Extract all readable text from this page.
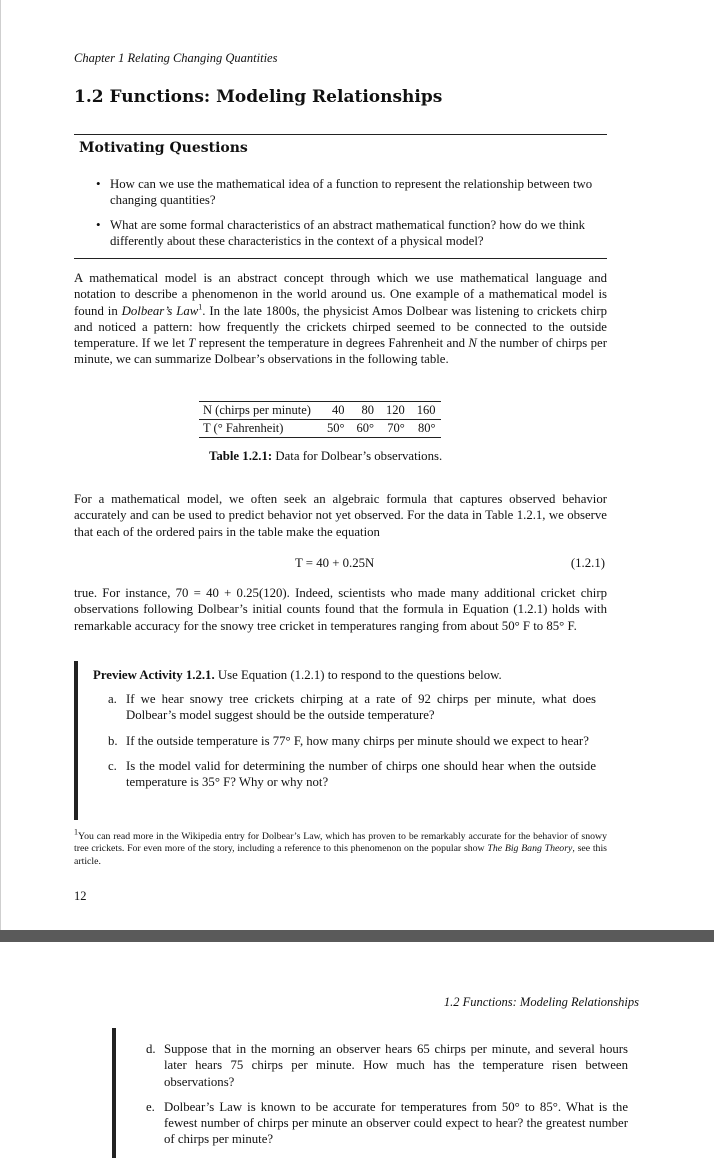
Chapter 1 Relating Changing Quantities
1.2 Functions: Modeling Relationships
Motivating Questions
• How can we use the mathematical idea of a function to represent the relationship between two changing quantities?
• What are some formal characteristics of an abstract mathematical function? how do we think differently about these characteristics in the context of a physical model?
A mathematical model is an abstract concept through which we use mathematical language and notation to describe a phenomenon in the world around us. One example of a mathematical model is found in Dolbear’s Law$^1$. In the late 1800s, the physicist Amos Dolbear was listening to crickets chirp and noticed a pattern: how frequently the crickets chirped seemed to be connected to the outside temperature. If we let T represent the temperature in degrees Fahrenheit and N the number of chirps per minute, we can summarize Dolbear’s observations in the following table.
N (chirps per minute)	40	80	120	160
T (° Fahrenheit)	50°	60°	70°	80°
Table 1.2.1: Data for Dolbear’s observations.
For a mathematical model, we often seek an algebraic formula that captures observed behavior accurately and can be used to predict behavior not yet observed. For the data in Table 1.2.1, we observe that each of the ordered pairs in the table make the equation
T = 40 + 0.25N	(1.2.1)
true. For instance, 70 = 40 + 0.25(120). Indeed, scientists who made many additional cricket chirp observations following Dolbear’s initial counts found that the formula in Equation (1.2.1) holds with remarkable accuracy for the snowy tree cricket in temperatures ranging from about 50° F to 85° F.
Preview Activity 1.2.1. Use Equation (1.2.1) to respond to the questions below.
a. If we hear snowy tree crickets chirping at a rate of 92 chirps per minute, what does Dolbear’s model suggest should be the outside temperature?
b. If the outside temperature is 77° F, how many chirps per minute should we expect to hear?
c. Is the model valid for determining the number of chirps one should hear when the outside temperature is 35° F? Why or why not?
$^1$You can read more in the Wikipedia entry for Dolbear’s Law, which has proven to be remarkably accurate for the behavior of snowy tree crickets. For even more of the story, including a reference to this phenomenon on the popular show The Big Bang Theory, see this article.
12
1.2 Functions: Modeling Relationships
d. Suppose that in the morning an observer hears 65 chirps per minute, and several hours later hears 75 chirps per minute. How much has the temperature risen between observations?
e. Dolbear’s Law is known to be accurate for temperatures from 50° to 85°. What is the fewest number of chirps per minute an observer could expect to hear? the greatest number of chirps per minute?
